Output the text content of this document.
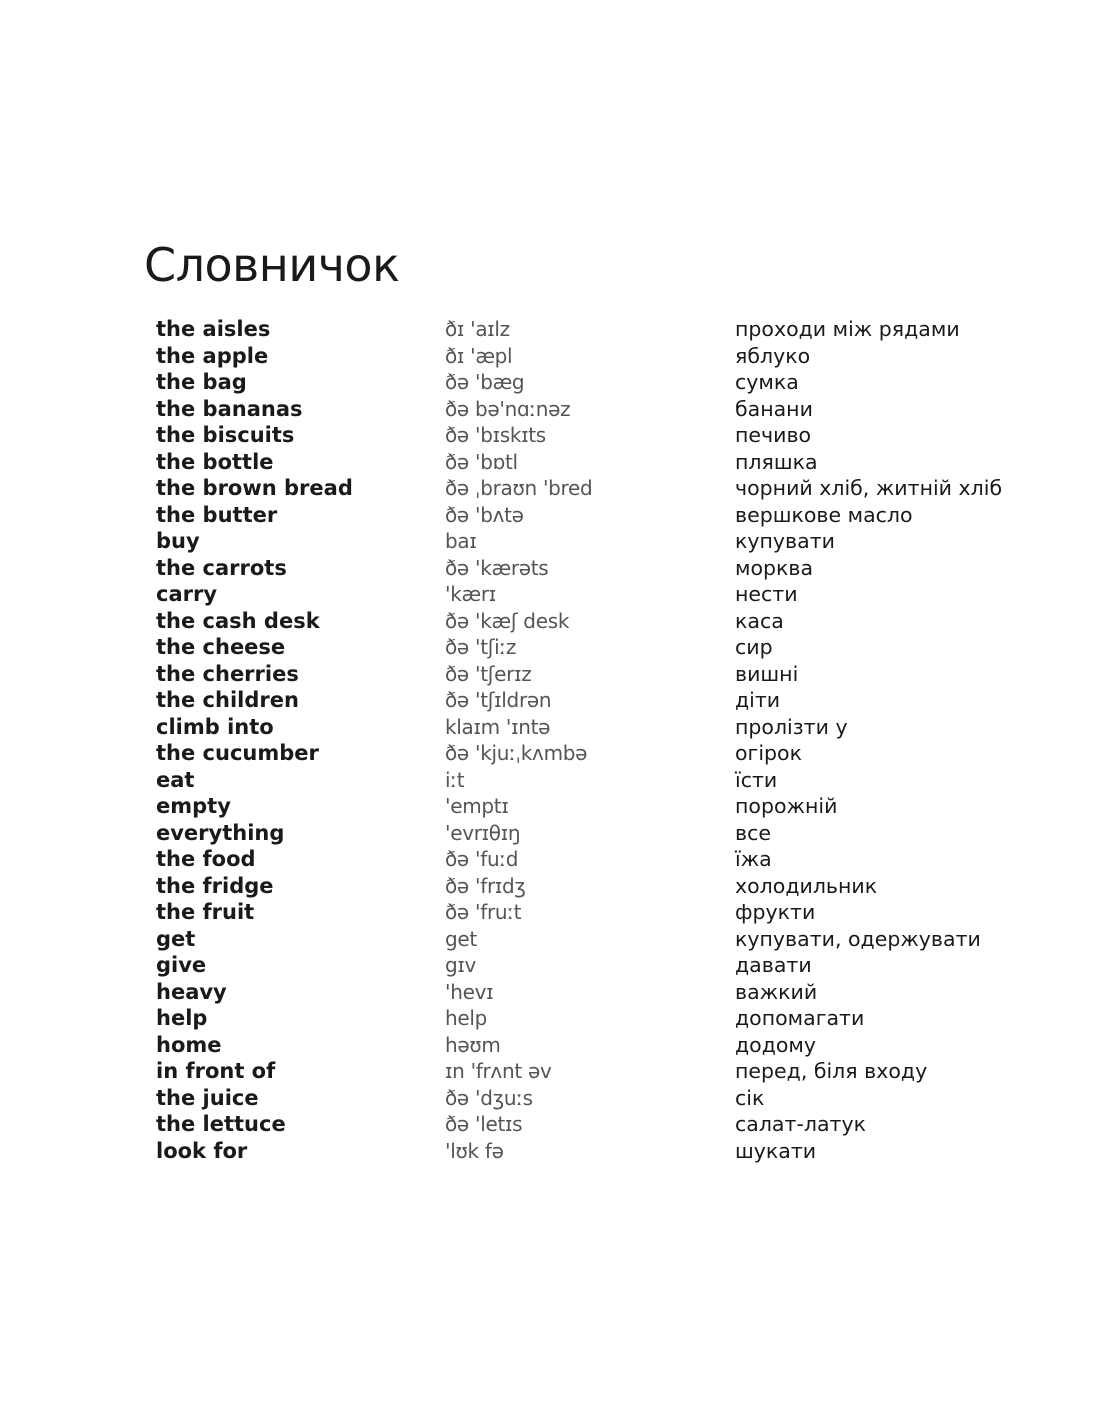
Словничок
the aisles	ðɪ 'aɪlz	проходи між рядами
the apple	ðɪ 'æpl	яблуко
the bag	ðə 'bæg	сумка
the bananas	ðə bə'nɑːnəz	банани
the biscuits	ðə 'bɪskɪts	печиво
the bottle	ðə 'bɒtl	пляшка
the brown bread	ðə ˌbraʊn 'bred	чорний хліб, житній хліб
the butter	ðə 'bʌtə	вершкове масло
buy	baɪ	купувати
the carrots	ðə 'kærəts	морква
carry	'kærɪ	нести
the cash desk	ðə 'kæʃ desk	каса
the cheese	ðə 'tʃiːz	сир
the cherries	ðə 'tʃerɪz	вишні
the children	ðə 'tʃɪldrən	діти
climb into	klaɪm 'ɪntə	пролізти у
the cucumber	ðə 'kjuːˌkʌmbə	огірок
eat	iːt	їсти
empty	'emptɪ	порожній
everything	'evrɪθɪŋ	все
the food	ðə 'fuːd	їжа
the fridge	ðə 'frɪdʒ	холодильник
the fruit	ðə 'fruːt	фрукти
get	get	купувати, одержувати
give	gɪv	давати
heavy	'hevɪ	важкий
help	help	допомагати
home	həʊm	додому
in front of	ɪn 'frʌnt əv	перед, біля входу
the juice	ðə 'dʒuːs	сік
the lettuce	ðə 'letɪs	салат-латук
look for	'lʊk fə	шукати
